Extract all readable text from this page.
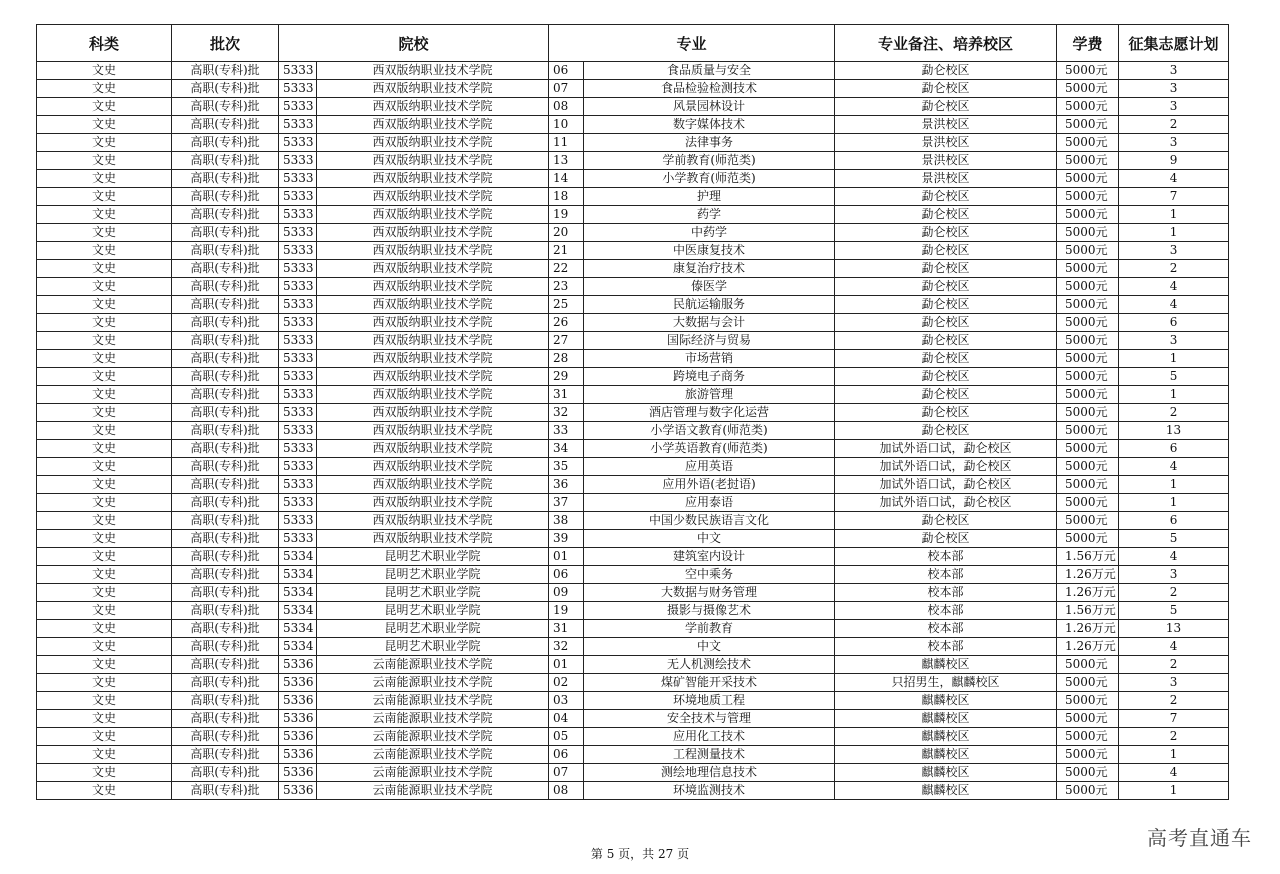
科类	批次	院校		专业		专业备注、培养校区	学费	征集志愿计划
文史	高职(专科)批	5333	西双版纳职业技术学院	06	食品质量与安全	勐仑校区	5000元	3
文史	高职(专科)批	5333	西双版纳职业技术学院	07	食品检验检测技术	勐仑校区	5000元	3
文史	高职(专科)批	5333	西双版纳职业技术学院	08	风景园林设计	勐仑校区	5000元	3
文史	高职(专科)批	5333	西双版纳职业技术学院	10	数字媒体技术	景洪校区	5000元	2
文史	高职(专科)批	5333	西双版纳职业技术学院	11	法律事务	景洪校区	5000元	3
文史	高职(专科)批	5333	西双版纳职业技术学院	13	学前教育(师范类)	景洪校区	5000元	9
文史	高职(专科)批	5333	西双版纳职业技术学院	14	小学教育(师范类)	景洪校区	5000元	4
文史	高职(专科)批	5333	西双版纳职业技术学院	18	护理	勐仑校区	5000元	7
文史	高职(专科)批	5333	西双版纳职业技术学院	19	药学	勐仑校区	5000元	1
文史	高职(专科)批	5333	西双版纳职业技术学院	20	中药学	勐仑校区	5000元	1
文史	高职(专科)批	5333	西双版纳职业技术学院	21	中医康复技术	勐仑校区	5000元	3
文史	高职(专科)批	5333	西双版纳职业技术学院	22	康复治疗技术	勐仑校区	5000元	2
文史	高职(专科)批	5333	西双版纳职业技术学院	23	傣医学	勐仑校区	5000元	4
文史	高职(专科)批	5333	西双版纳职业技术学院	25	民航运输服务	勐仑校区	5000元	4
文史	高职(专科)批	5333	西双版纳职业技术学院	26	大数据与会计	勐仑校区	5000元	6
文史	高职(专科)批	5333	西双版纳职业技术学院	27	国际经济与贸易	勐仑校区	5000元	3
文史	高职(专科)批	5333	西双版纳职业技术学院	28	市场营销	勐仑校区	5000元	1
文史	高职(专科)批	5333	西双版纳职业技术学院	29	跨境电子商务	勐仑校区	5000元	5
文史	高职(专科)批	5333	西双版纳职业技术学院	31	旅游管理	勐仑校区	5000元	1
文史	高职(专科)批	5333	西双版纳职业技术学院	32	酒店管理与数字化运营	勐仑校区	5000元	2
文史	高职(专科)批	5333	西双版纳职业技术学院	33	小学语文教育(师范类)	勐仑校区	5000元	13
文史	高职(专科)批	5333	西双版纳职业技术学院	34	小学英语教育(师范类)	加试外语口试，勐仑校区	5000元	6
文史	高职(专科)批	5333	西双版纳职业技术学院	35	应用英语	加试外语口试，勐仑校区	5000元	4
文史	高职(专科)批	5333	西双版纳职业技术学院	36	应用外语(老挝语)	加试外语口试，勐仑校区	5000元	1
文史	高职(专科)批	5333	西双版纳职业技术学院	37	应用泰语	加试外语口试，勐仑校区	5000元	1
文史	高职(专科)批	5333	西双版纳职业技术学院	38	中国少数民族语言文化	勐仑校区	5000元	6
文史	高职(专科)批	5333	西双版纳职业技术学院	39	中文	勐仑校区	5000元	5
文史	高职(专科)批	5334	昆明艺术职业学院	01	建筑室内设计	校本部	1.56万元	4
文史	高职(专科)批	5334	昆明艺术职业学院	06	空中乘务	校本部	1.26万元	3
文史	高职(专科)批	5334	昆明艺术职业学院	09	大数据与财务管理	校本部	1.26万元	2
文史	高职(专科)批	5334	昆明艺术职业学院	19	摄影与摄像艺术	校本部	1.56万元	5
文史	高职(专科)批	5334	昆明艺术职业学院	31	学前教育	校本部	1.26万元	13
文史	高职(专科)批	5334	昆明艺术职业学院	32	中文	校本部	1.26万元	4
文史	高职(专科)批	5336	云南能源职业技术学院	01	无人机测绘技术	麒麟校区	5000元	2
文史	高职(专科)批	5336	云南能源职业技术学院	02	煤矿智能开采技术	只招男生，麒麟校区	5000元	3
文史	高职(专科)批	5336	云南能源职业技术学院	03	环境地质工程	麒麟校区	5000元	2
文史	高职(专科)批	5336	云南能源职业技术学院	04	安全技术与管理	麒麟校区	5000元	7
文史	高职(专科)批	5336	云南能源职业技术学院	05	应用化工技术	麒麟校区	5000元	2
文史	高职(专科)批	5336	云南能源职业技术学院	06	工程测量技术	麒麟校区	5000元	1
文史	高职(专科)批	5336	云南能源职业技术学院	07	测绘地理信息技术	麒麟校区	5000元	4
文史	高职(专科)批	5336	云南能源职业技术学院	08	环境监测技术	麒麟校区	5000元	1
第 5 页，共 27 页
高考直通车
